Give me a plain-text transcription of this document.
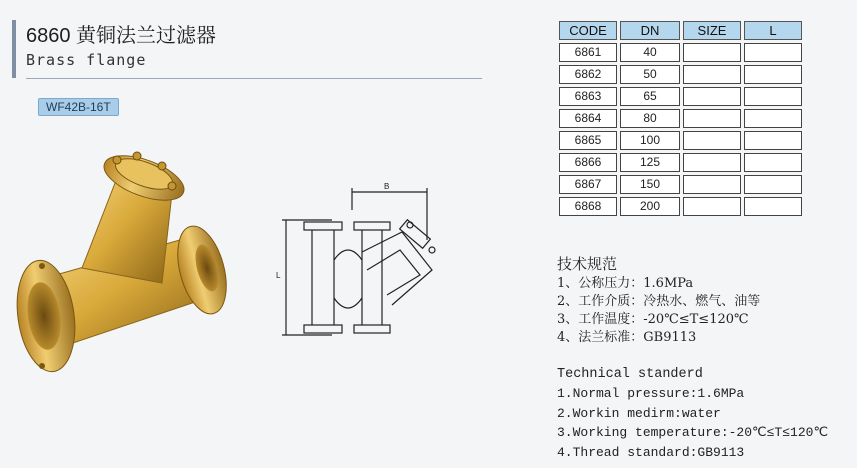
6860 黄铜法兰过滤器
Brass flange
WF42B-16T
B
L
CODE	DN	SIZE	L
6861	40		
6862	50		
6863	65		
6864	80		
6865	100		
6866	125		
6867	150		
6868	200		
技术规范
1、公称压力：1.6MPa
2、工作介质：冷热水、燃气、油等
3、工作温度：-20℃≤T≤120℃
4、法兰标准：GB9113
Technical standerd
1.Normal pressure:1.6MPa
2.Workin medirm:water
3.Working temperature:-20℃≤T≤120℃
4.Thread standard:GB9113
